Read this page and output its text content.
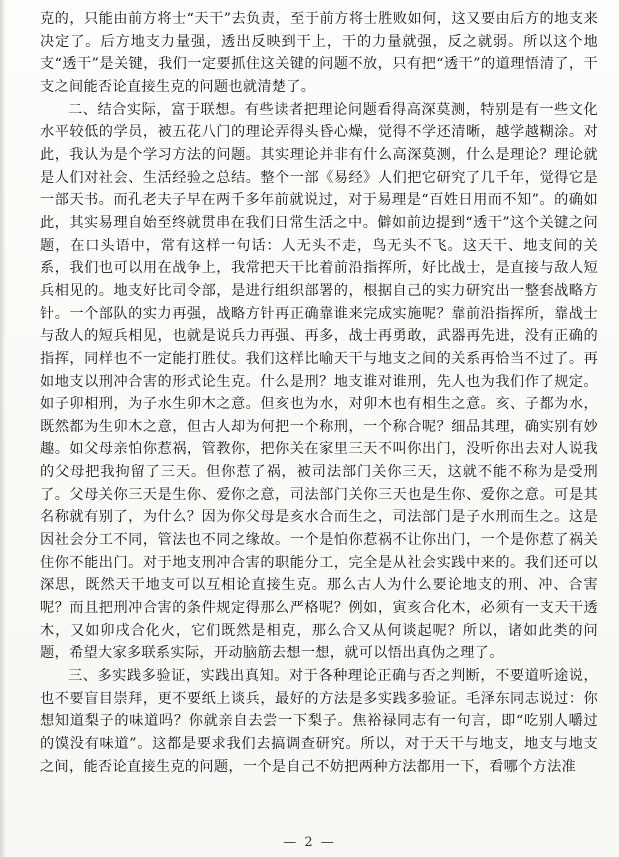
克的，只能由前方将士“天干”去负责，至于前方将士胜败如何，这又要由后方的地支来决定了。后方地支力量强，透出反映到干上，干的力量就强，反之就弱。所以这个地支“透干”是关键，我们一定要抓住这关键的问题不放，只有把“透干”的道理悟清了，干支之间能否论直接生克的问题也就清楚了。

二、结合实际，富于联想。有些读者把理论问题看得高深莫测，特别是有一些文化水平较低的学员，被五花八门的理论弄得头昏心燥，觉得不学还清晰，越学越糊涂。对此，我认为是个学习方法的问题。其实理论并非有什么高深莫测，什么是理论？理论就是人们对社会、生活经验之总结。整个一部《易经》人们把它研究了几千年，觉得它是一部天书。而孔老夫子早在两千多年前就说过，对于易理是“百姓日用而不知”。的确如此，其实易理自始至终就贯串在我们日常生活之中。僻如前边提到“透干”这个关键之问题，在口头语中，常有这样一句话：人无头不走，鸟无头不飞。这天干、地支间的关系，我们也可以用在战争上，我常把天干比着前沿指挥所，好比战士，是直接与敌人短兵相见的。地支好比司令部，是进行组织部署的，根据自己的实力研究出一整套战略方针。一个部队的实力再强，战略方针再正确靠谁来完成实施呢？靠前沿指挥所，靠战士与敌人的短兵相见，也就是说兵力再强、再多，战士再勇敢，武器再先进，没有正确的指挥，同样也不一定能打胜仗。我们这样比喻天干与地支之间的关系再恰当不过了。再如地支以刑冲合害的形式论生克。什么是刑？地支谁对谁刑，先人也为我们作了规定。如子卯相刑，为子水生卯木之意。但亥也为水，对卯木也有相生之意。亥、子都为水，既然都为生卯木之意，但古人却为何把一个称刑，一个称合呢？细品其理，确实别有妙趣。如父母亲怕你惹祸，管教你，把你关在家里三天不叫你出门，没听你出去对人说我的父母把我拘留了三天。但你惹了祸，被司法部门关你三天，这就不能不称为是受刑了。父母关你三天是生你、爱你之意，司法部门关你三天也是生你、爱你之意。可是其名称就有别了，为什么？因为你父母是亥水合而生之，司法部门是子水刑而生之。这是因社会分工不同，管法也不同之缘故。一个是怕你惹祸不让你出门，一个是你惹了祸关住你不能出门。对于地支刑冲合害的职能分工，完全是从社会实践中来的。我们还可以深思，既然天干地支可以互相论直接生克。那么古人为什么要论地支的刑、冲、合害呢？而且把刑冲合害的条件规定得那么严格呢？例如，寅亥合化木，必须有一支天干透木，又如卯戌合化火，它们既然是相克，那么合又从何谈起呢？所以，诸如此类的问题，希望大家多联系实际，开动脑筋去想一想，就可以悟出真伪之理了。

三、多实践多验证，实践出真知。对于各种理论正确与否之判断，不要道听途说，也不要盲目崇拜，更不要纸上谈兵，最好的方法是多实践多验证。毛泽东同志说过：你想知道梨子的味道吗？你就亲自去尝一下梨子。焦裕禄同志有一句言，即“吃别人嚼过的馍没有味道”。这都是要求我们去搞调查研究。所以，对于天干与地支，地支与地支之间，能否论直接生克的问题，一个是自己不妨把两种方法都用一下，看哪个方法准

— 2 —
